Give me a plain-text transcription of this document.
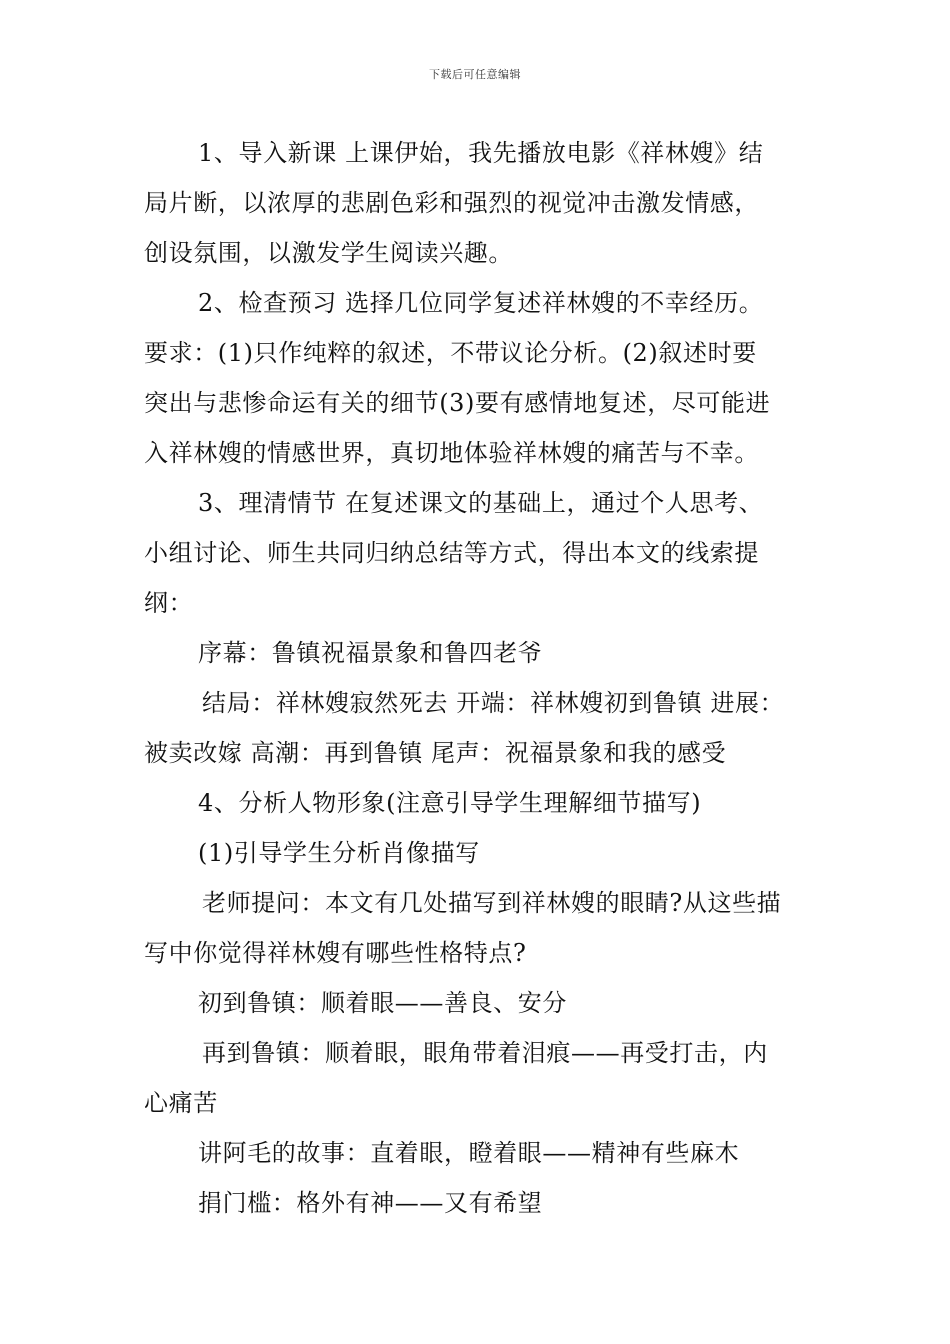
下载后可任意编辑
1、导入新课 上课伊始，我先播放电影《祥林嫂》结
局片断，以浓厚的悲剧色彩和强烈的视觉冲击激发情感，
创设氛围，以激发学生阅读兴趣。
2、检查预习 选择几位同学复述祥林嫂的不幸经历。
要求：(1)只作纯粹的叙述，不带议论分析。(2)叙述时要
突出与悲惨命运有关的细节(3)要有感情地复述，尽可能进
入祥林嫂的情感世界，真切地体验祥林嫂的痛苦与不幸。
3、理清情节 在复述课文的基础上，通过个人思考、
小组讨论、师生共同归纳总结等方式，得出本文的线索提
纲：
序幕：鲁镇祝福景象和鲁四老爷
结局：祥林嫂寂然死去 开端：祥林嫂初到鲁镇 进展：
被卖改嫁 高潮：再到鲁镇 尾声：祝福景象和我的感受
4、分析人物形象(注意引导学生理解细节描写)
(1)引导学生分析肖像描写
老师提问：本文有几处描写到祥林嫂的眼睛?从这些描
写中你觉得祥林嫂有哪些性格特点?
初到鲁镇：顺着眼——善良、安分
再到鲁镇：顺着眼，眼角带着泪痕——再受打击，内
心痛苦
讲阿毛的故事：直着眼，瞪着眼——精神有些麻木
捐门槛：格外有神——又有希望
